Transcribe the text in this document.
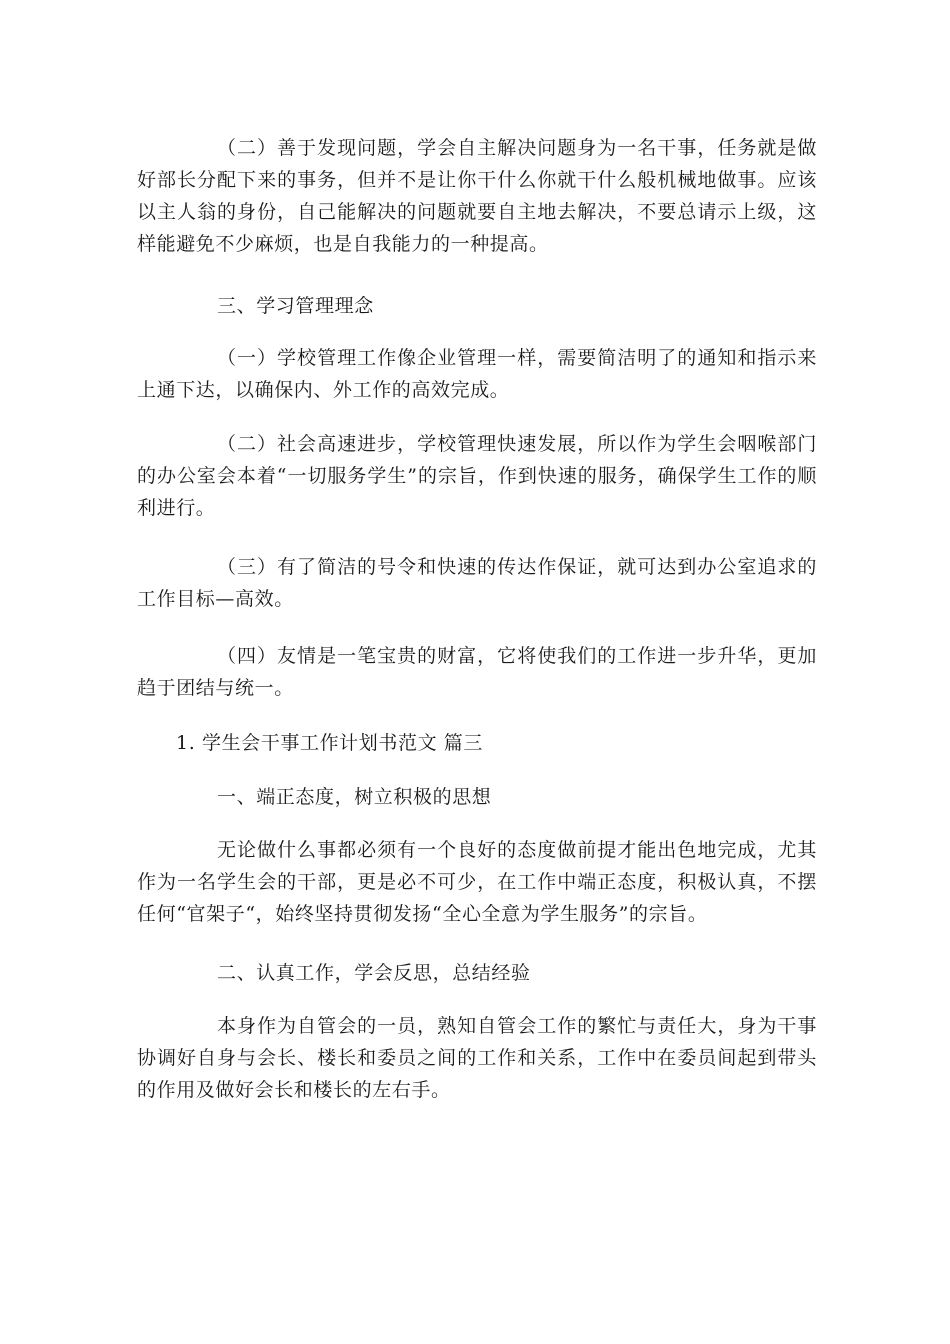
（二）善于发现问题，学会自主解决问题身为一名干事，任务就是做好部长分配下来的事务，但并不是让你干什么你就干什么般机械地做事。应该以主人翁的身份，自己能解决的问题就要自主地去解决，不要总请示上级，这样能避免不少麻烦，也是自我能力的一种提高。

三、学习管理理念

（一）学校管理工作像企业管理一样，需要简洁明了的通知和指示来上通下达，以确保内、外工作的高效完成。

（二）社会高速进步，学校管理快速发展，所以作为学生会咽喉部门的办公室会本着“一切服务学生”的宗旨，作到快速的服务，确保学生工作的顺利进行。

（三）有了简洁的号令和快速的传达作保证，就可达到办公室追求的工作目标—高效。

（四）友情是一笔宝贵的财富，它将使我们的工作进一步升华，更加趋于团结与统一。

1. 学生会干事工作计划书范文 篇三

一、端正态度，树立积极的思想

无论做什么事都必须有一个良好的态度做前提才能出色地完成，尤其作为一名学生会的干部，更是必不可少，在工作中端正态度，积极认真，不摆任何“官架子“，始终坚持贯彻发扬“全心全意为学生服务”的宗旨。

二、认真工作，学会反思，总结经验

本身作为自管会的一员，熟知自管会工作的繁忙与责任大，身为干事协调好自身与会长、楼长和委员之间的工作和关系，工作中在委员间起到带头的作用及做好会长和楼长的左右手。
